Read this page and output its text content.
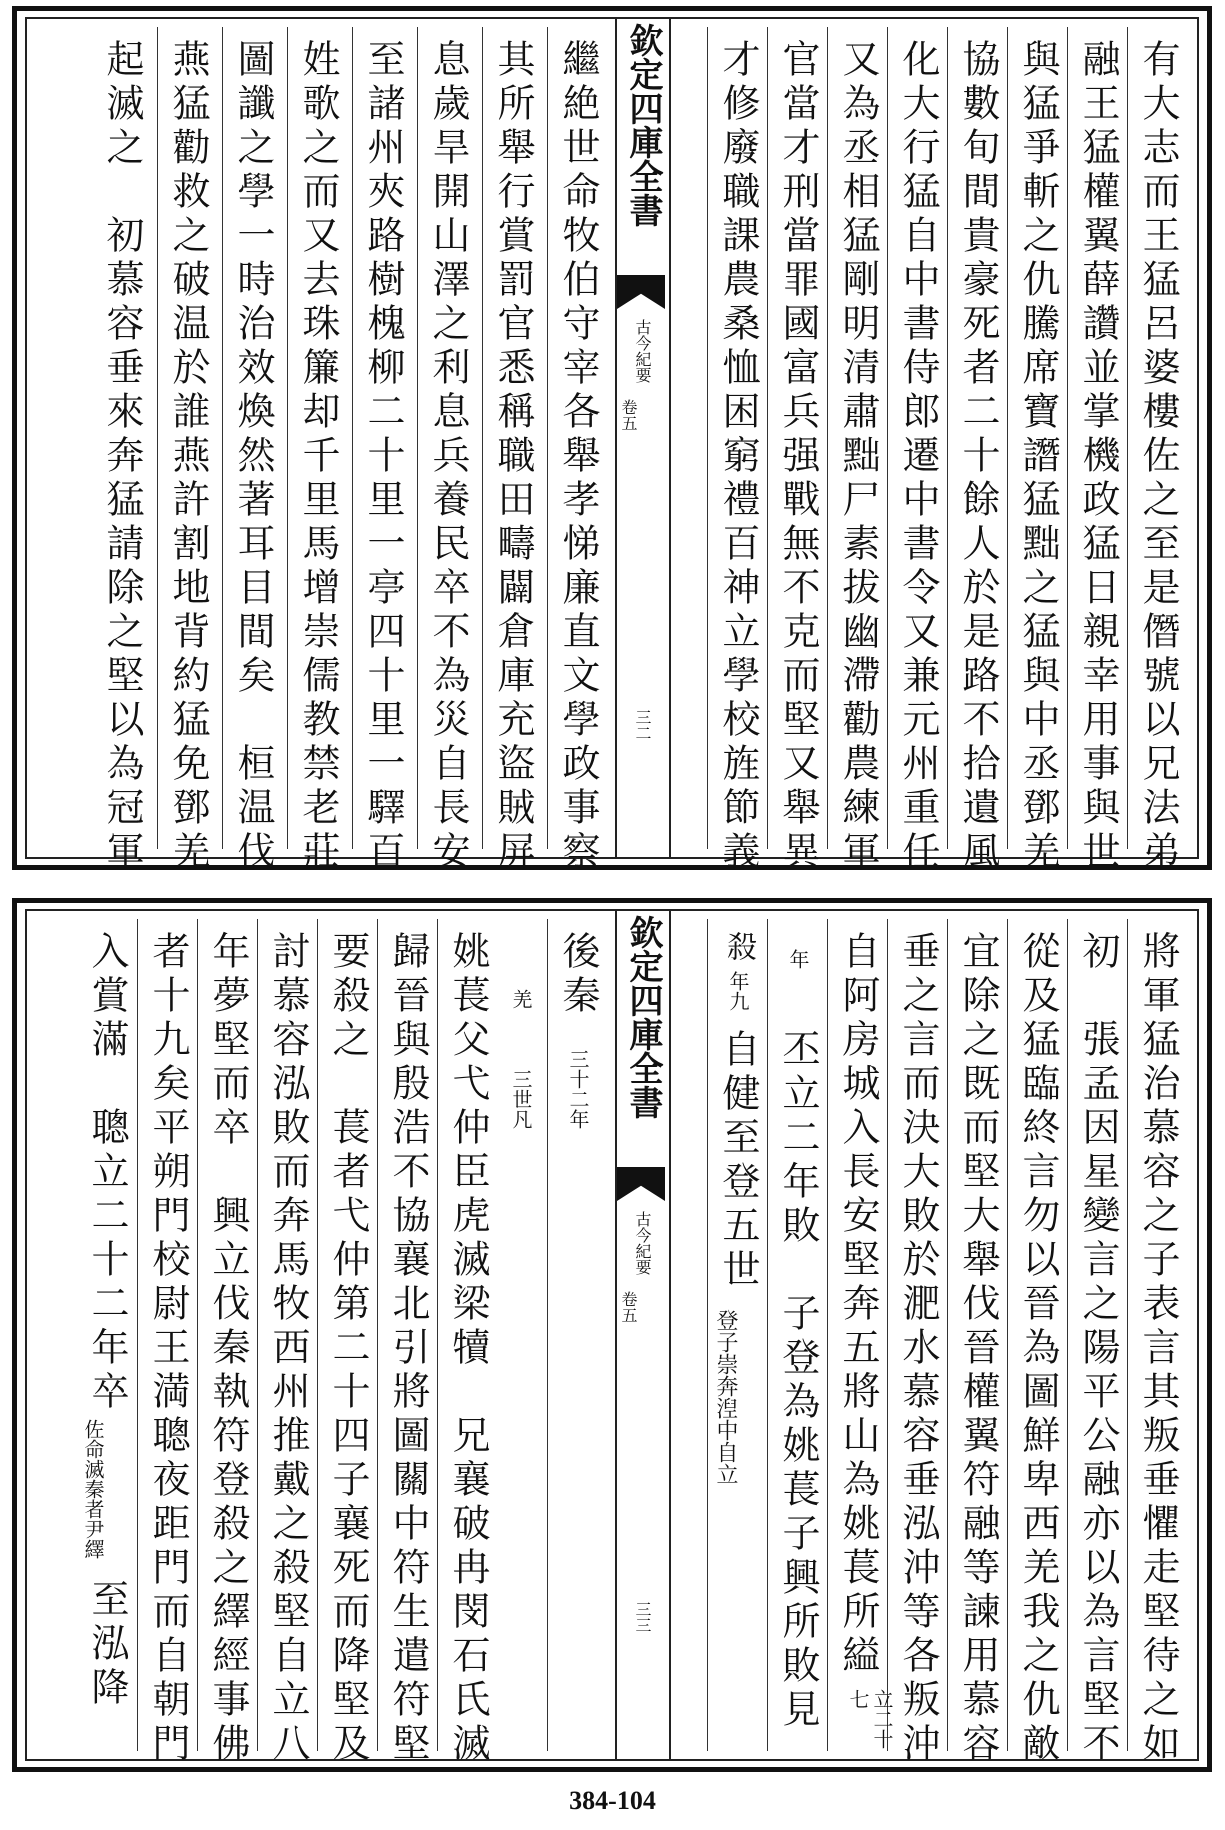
有大志而王猛呂婆樓佐之至是僭號以兄法弟
融王猛權翼薛讚並掌機政猛日親幸用事與世
與猛爭斬之仇騰席寶譖猛黜之猛與中丞鄧羌
協數旬間貴豪死者二十餘人於是路不拾遺風
化大行猛自中書侍郎遷中書令又兼元州重任
又為丞相猛剛明清肅黜尸素拔幽滯勸農練軍
官當才刑當罪國富兵强戰無不克而堅又舉異
才修廢職課農桑恤困窮禮百神立學校旌節義
欽定四庫全書
古今紀要
卷五
三二
繼絶世命牧伯守宰各舉孝悌廉直文學政事察
其所舉行賞罰官悉稱職田疇闢倉庫充盜賊屏
息歲旱開山澤之利息兵養民卒不為災自長安
至諸州夾路樹槐柳二十里一亭四十里一驛百
姓歌之而又去珠簾却千里馬增崇儒教禁老莊
圖讖之學一時治效煥然著耳目間矣　桓温伐
燕猛勸救之破温於誰燕許割地背約猛免鄧羌
起滅之　初慕容垂來奔猛請除之堅以為冠軍
將軍猛治慕容之子表言其叛垂懼走堅待之如
初　張孟因星變言之陽平公融亦以為言堅不
從及猛臨終言勿以晉為圖鮮卑西羌我之仇敵
宜除之既而堅大舉伐晉權翼符融等諫用慕容
垂之言而決大敗於淝水慕容垂泓沖等各叛沖
自阿房城入長安堅奔五將山為姚萇所縊
立二十七
年
丕立二年敗　子登為姚萇子興所敗見
殺
年九
自健至登五世
登子崇奔湼中自立
欽定四庫全書
古今紀要
卷五
三三
後秦
三十二年
羌
三世凡
姚萇父弋仲臣虎滅梁犢　兄襄破冉閔石氏滅
歸晉與殷浩不協襄北引將圖關中符生遣符堅
要殺之　萇者弋仲第二十四子襄死而降堅及
討慕容泓敗而奔馬牧西州推戴之殺堅自立八
年夢堅而卒　興立伐秦執符登殺之繹經事佛
者十九矣平朔門校尉王満聰夜距門而自朝門
入賞滿　聰立二十二年卒
佐命滅秦者尹繹
至泓降
384-104
